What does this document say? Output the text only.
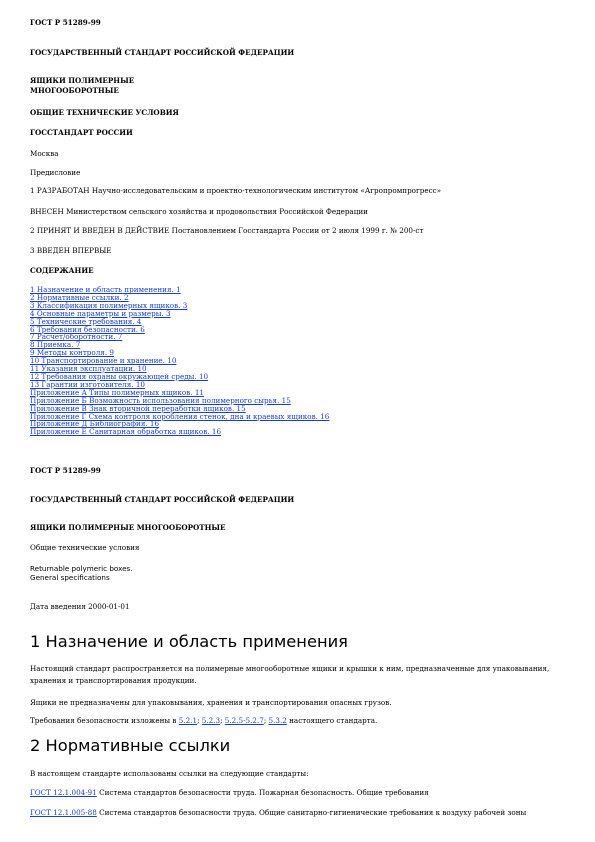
ГОСТ Р 51289-99

ГОСУДАРСТВЕННЫЙ СТАНДАРТ РОССИЙСКОЙ ФЕДЕРАЦИИ

ЯЩИКИ ПОЛИМЕРНЫЕ

МНОГООБОРОТНЫЕ

ОБЩИЕ ТЕХНИЧЕСКИЕ УСЛОВИЯ

ГОССТАНДАРТ РОССИИ

Москва

Предисловие

1 РАЗРАБОТАН Научно-исследовательским и проектно-технологическим институтом «Агропромпрогресс»

ВНЕСЕН Министерством сельского хозяйства и продовольствия Российской Федерации

2 ПРИНЯТ И ВВЕДЕН В ДЕЙСТВИЕ Постановлением Госстандарта России от 2 июля 1999 г. № 200-ст

3 ВВЕДЕН ВПЕРВЫЕ

СОДЕРЖАНИЕ

1 Назначение и область применения. 1

2 Нормативные ссылки. 2

3 Классификация полимерных ящиков. 3

4 Основные параметры и размеры. 3

5 Технические требования. 4

6 Требования безопасности. 6

7 Расчет/оборотности. 7

8 Приемка. 7

9 Методы контроля. 9

10 Транспортирование и хранение. 10

11 Указания эксплуатации. 10

12 Требования охраны окружающей среды. 10

13 Гарантии изготовителя. 10

Приложение А Типы полимерных ящиков. 11

Приложение Б Возможность использования полимерного сырья. 15

Приложение В Знак вторичной переработки ящиков. 15

Приложение Г Схема контроля коробления стенок, дна и краевых ящиков. 16

Приложение Д Библиография. 16

Приложение Е Санитарная обработка ящиков. 16

ГОСТ Р 51289-99

ГОСУДАРСТВЕННЫЙ СТАНДАРТ РОССИЙСКОЙ ФЕДЕРАЦИИ

ЯЩИКИ ПОЛИМЕРНЫЕ МНОГООБОРОТНЫЕ

Общие технические условия

Returnable polymeric boxes.

General specifications

Дата введения 2000-01-01

1 Назначение и область применения

Настоящий стандарт распространяется на полимерные многооборотные ящики и крышки к ним, предназначенные для упаковывания, хранения и транспортирования продукции.

Ящики не предназначены для упаковывания, хранения и транспортирования опасных грузов.

Требования безопасности изложены в 5.2.1; 5.2.3; 5.2.5-5.2.7; 5.3.2 настоящего стандарта.

2 Нормативные ссылки

В настоящем стандарте использованы ссылки на следующие стандарты:

ГОСТ 12.1.004-91 Система стандартов безопасности труда. Пожарная безопасность. Общие требования

ГОСТ 12.1.005-88 Система стандартов безопасности труда. Общие санитарно-гигиенические требования к воздуху рабочей зоны
